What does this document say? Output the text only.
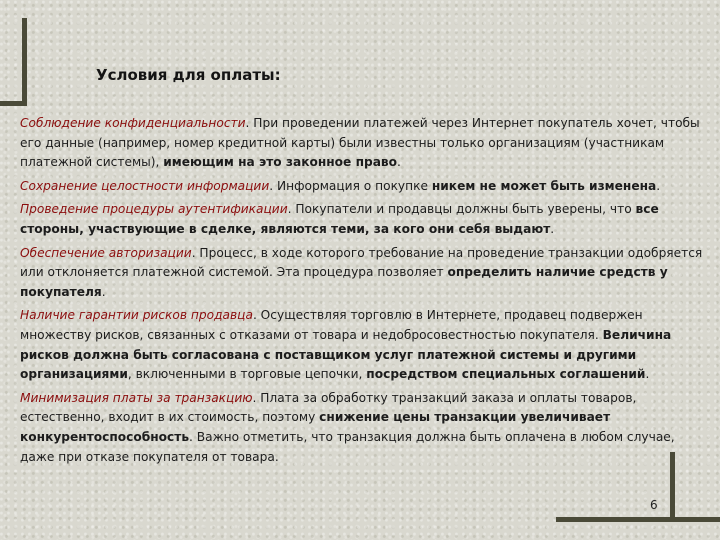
Условия для оплаты:

Соблюдение конфиденциальности. При проведении платежей через Интернет покупатель хочет, чтобы его данные (например, номер кредитной карты) были известны только организациям (участникам платежной системы), имеющим на это законное право.

Сохранение целостности информации. Информация о покупке никем не может быть изменена.

Проведение процедуры аутентификации. Покупатели и продавцы должны быть уверены, что все стороны, участвующие в сделке, являются теми, за кого они себя выдают.

Обеспечение авторизации. Процесс, в ходе которого требование на проведение транзакции одобряется или отклоняется платежной системой. Эта процедура позволяет определить наличие средств у покупателя.

Наличие гарантии рисков продавца. Осуществляя торговлю в Интернете, продавец подвержен множеству рисков, связанных с отказами от товара и недобросовестностью покупателя. Величина рисков должна быть согласована с поставщиком услуг платежной системы и другими организациями, включенными в торговые цепочки, посредством специальных соглашений.

Минимизация платы за транзакцию. Плата за обработку транзакций заказа и оплаты товаров, естественно, входит в их стоимость, поэтому снижение цены транзакции увеличивает конкурентоспособность. Важно отметить, что транзакция должна быть оплачена в любом случае, даже при отказе покупателя от товара.

6
